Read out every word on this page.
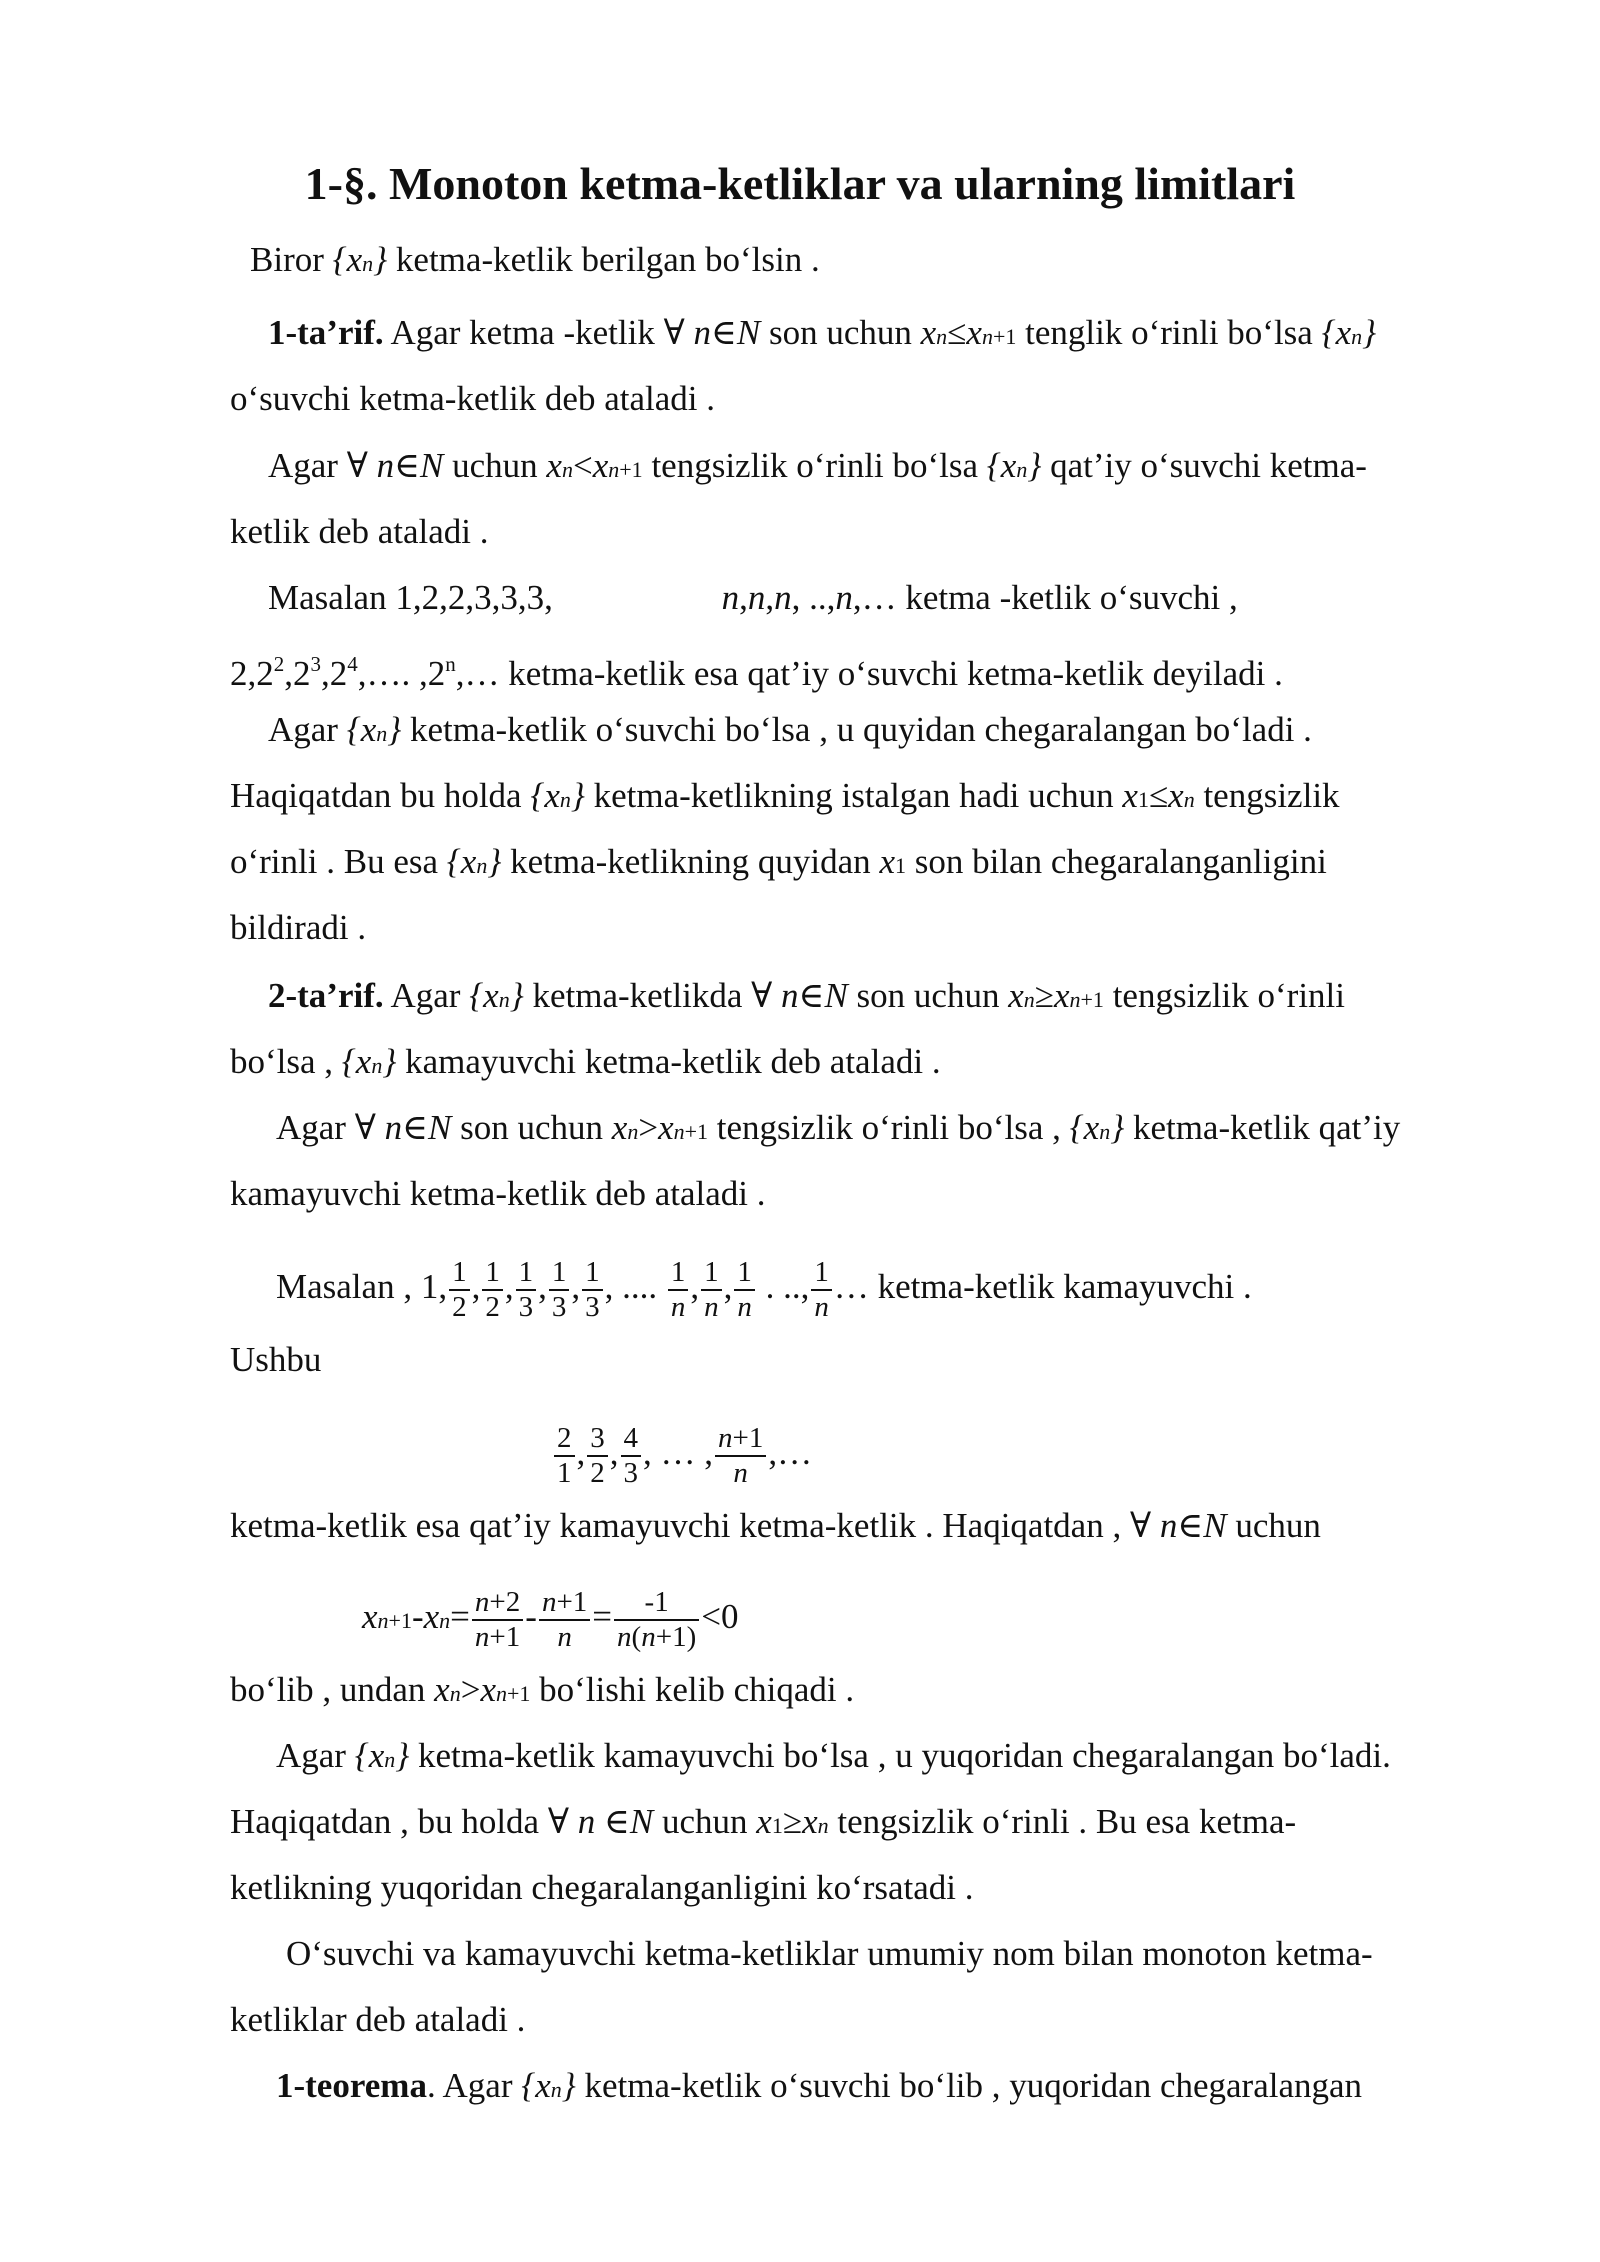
1-§. Monoton ketma-ketliklar va ularning limitlari
Biror {xn} ketma-ketlik berilgan bo‘lsin .
1-ta’rif. Agar ketma -ketlik ∀ n∈N son uchun xn≤xn+1 tenglik o‘rinli bo‘lsa {xn}
o‘suvchi ketma-ketlik deb ataladi .
Agar ∀ n∈N uchun xn<xn+1 tengsizlik o‘rinli bo‘lsa {xn} qat’iy o‘suvchi ketma-
ketlik deb ataladi .
Masalan 1,2,2,3,3,3,	n,n,n, ..,n,… ketma -ketlik o‘suvchi ,
$2,2^2,2^3,2^4,\dots$. ,2$^n$,… ketma-ketlik esa qat’iy o‘suvchi ketma-ketlik deyiladi .
Agar {xn} ketma-ketlik o‘suvchi bo‘lsa , u quyidan chegaralangan bo‘ladi .
Haqiqatdan bu holda {xn} ketma-ketlikning istalgan hadi uchun x1≤xn tengsizlik
o‘rinli . Bu esa {xn} ketma-ketlikning quyidan x1 son bilan chegaralanganligini
bildiradi .
2-ta’rif. Agar {xn} ketma-ketlikda ∀ n∈N son uchun xn≥xn+1 tengsizlik o‘rinli
bo‘lsa , {xn} kamayuvchi ketma-ketlik deb ataladi .
Agar ∀ n∈N son uchun xn>xn+1 tengsizlik o‘rinli bo‘lsa , {xn} ketma-ketlik qat’iy
kamayuvchi ketma-ketlik deb ataladi .
Masalan , 1, $\frac{1}{2}$ , $\frac{1}{2}$ , $\frac{1}{3}$ , $\frac{1}{3}$ , $\frac{1}{3}$ , .... $\frac{1}{n}$ , $\frac{1}{n}$ , $\frac{1}{n}$ . .., $\frac{1}{n}$ … ketma-ketlik kamayuvchi .
Ushbu
$\frac{2}{1}$ , $\frac{3}{2}$ , $\frac{4}{3}$ , … , $\frac{n+1}{n}$ ,…
ketma-ketlik esa qat’iy kamayuvchi ketma-ketlik . Haqiqatdan , ∀ n∈N uchun
$xn+1-xn= \frac{n+2}{n+1} - \frac{n+1}{n} = \frac{-1}{n(n+1)} <0$
bo‘lib , undan xn>xn+1 bo‘lishi kelib chiqadi .
Agar {xn} ketma-ketlik kamayuvchi bo‘lsa , u yuqoridan chegaralangan bo‘ladi.
Haqiqatdan , bu holda ∀ n ∈N uchun x1≥xn tengsizlik o‘rinli . Bu esa ketma-
ketlikning yuqoridan chegaralanganligini ko‘rsatadi .
O‘suvchi va kamayuvchi ketma-ketliklar umumiy nom bilan monoton ketma-
ketliklar deb ataladi .
1-teorema. Agar {xn} ketma-ketlik o‘suvchi bo‘lib , yuqoridan chegaralangan
